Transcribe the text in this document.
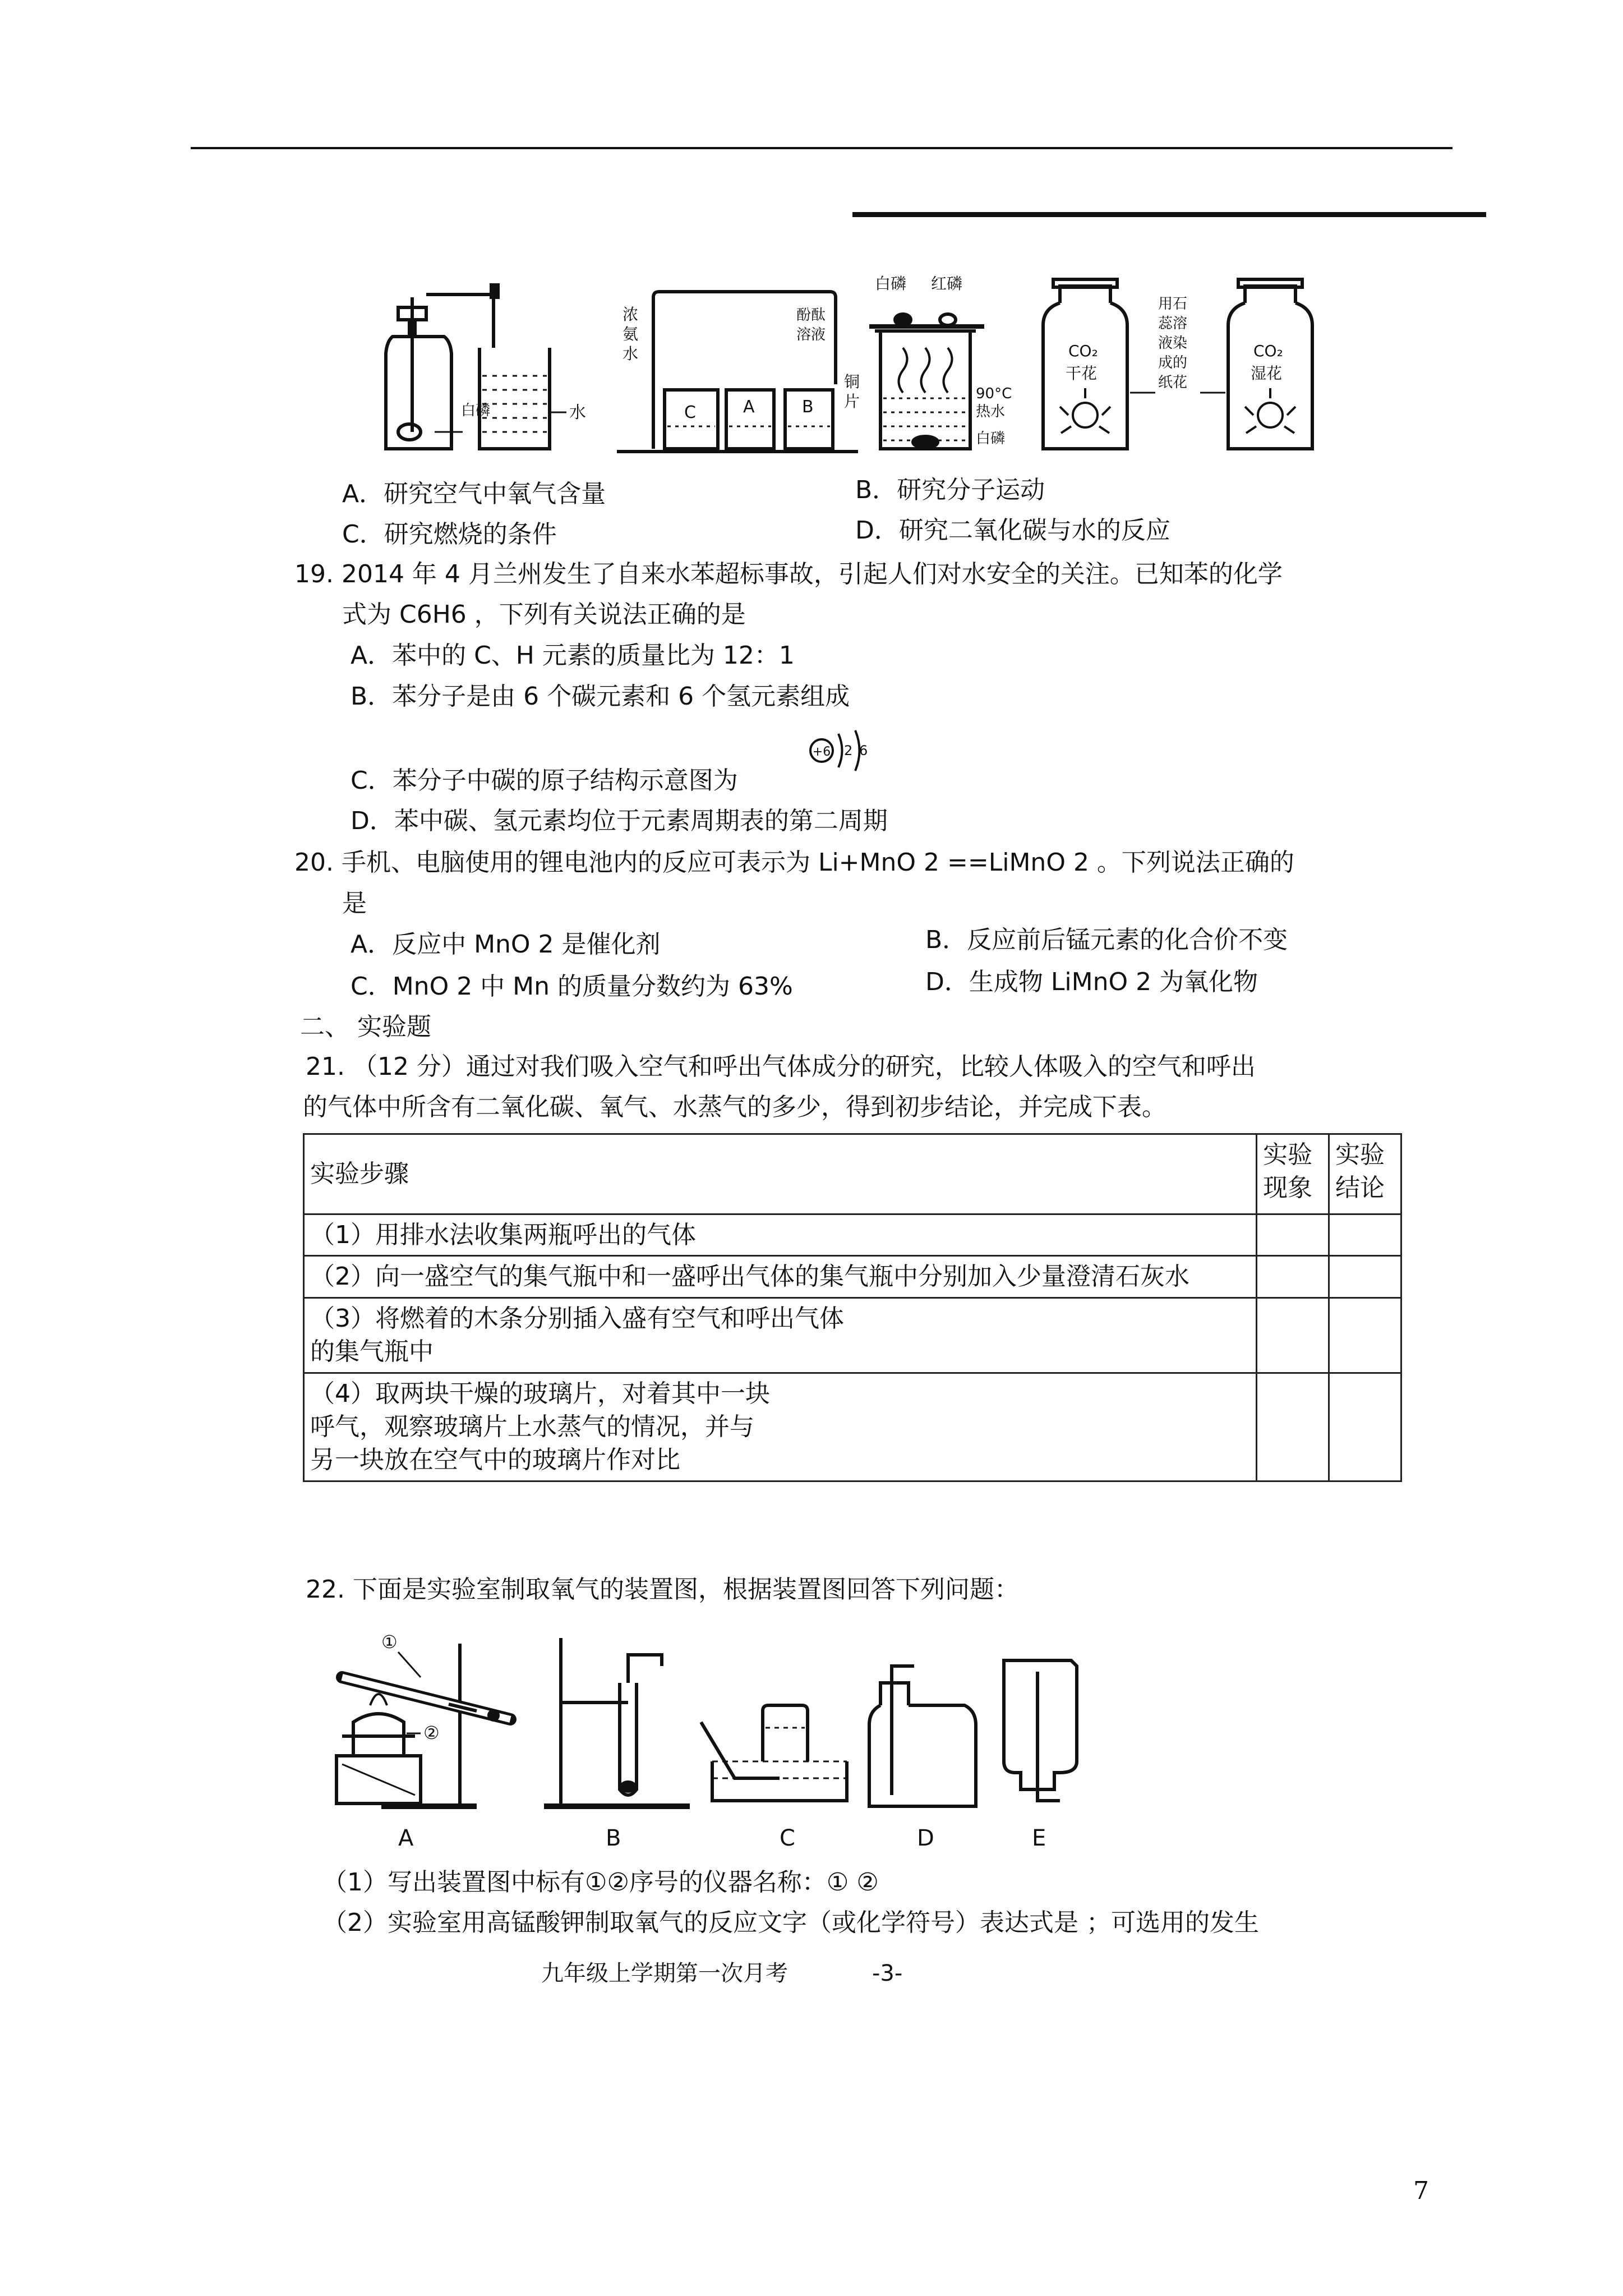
白磷	水
浓
氨
水
酚酞
溶液
C	A	B
白磷 红磷
铜
片	90°C
热水
白磷
CO₂
干花
CO₂
湿花
用石
蕊溶
液染
成的
纸花
A．研究空气中氧气含量	B．研究分子运动
C．研究燃烧的条件	D．研究二氧化碳与水的反应
19. 2014 年 4 月兰州发生了自来水苯超标事故，引起人们对水安全的关注。已知苯的化学
式为 C6H6 ，下列有关说法正确的是
A．苯中的 C、H 元素的质量比为 12：1
B．苯分子是由 6 个碳元素和 6 个氢元素组成
+6 2 6
C．苯分子中碳的原子结构示意图为
D．苯中碳、氢元素均位于元素周期表的第二周期
20. 手机、电脑使用的锂电池内的反应可表示为 Li+MnO 2 ==LiMnO 2 。下列说法正确的
是
A．反应中 MnO 2 是催化剂	B．反应前后锰元素的化合价不变
C．MnO 2 中 Mn 的质量分数约为 63%	D．生成物 LiMnO 2 为氧化物
二、 实验题
21. （12 分）通过对我们吸入空气和呼出气体成分的研究，比较人体吸入的空气和呼出
的气体中所含有二氧化碳、氧气、水蒸气的多少，得到初步结论，并完成下表。
实验步骤	实验现象	实验结论
（1）用排水法收集两瓶呼出的气体		
（2）向一盛空气的集气瓶中和一盛呼出气体的集气瓶中分别加入少量澄清石灰水		
（3）将燃着的木条分别插入盛有空气和呼出气体的集气瓶中		
（4）取两块干燥的玻璃片，对着其中一块呼气，观察玻璃片上水蒸气的情况，并与另一块放在空气中的玻璃片作对比		
22. 下面是实验室制取氧气的装置图，根据装置图回答下列问题：
①
②
A	B	C	D	E
（1）写出装置图中标有①②序号的仪器名称：① ②
（2）实验室用高锰酸钾制取氧气的反应文字（或化学符号）表达式是 ；可选用的发生
九年级上学期第一次月考	-3-
7
